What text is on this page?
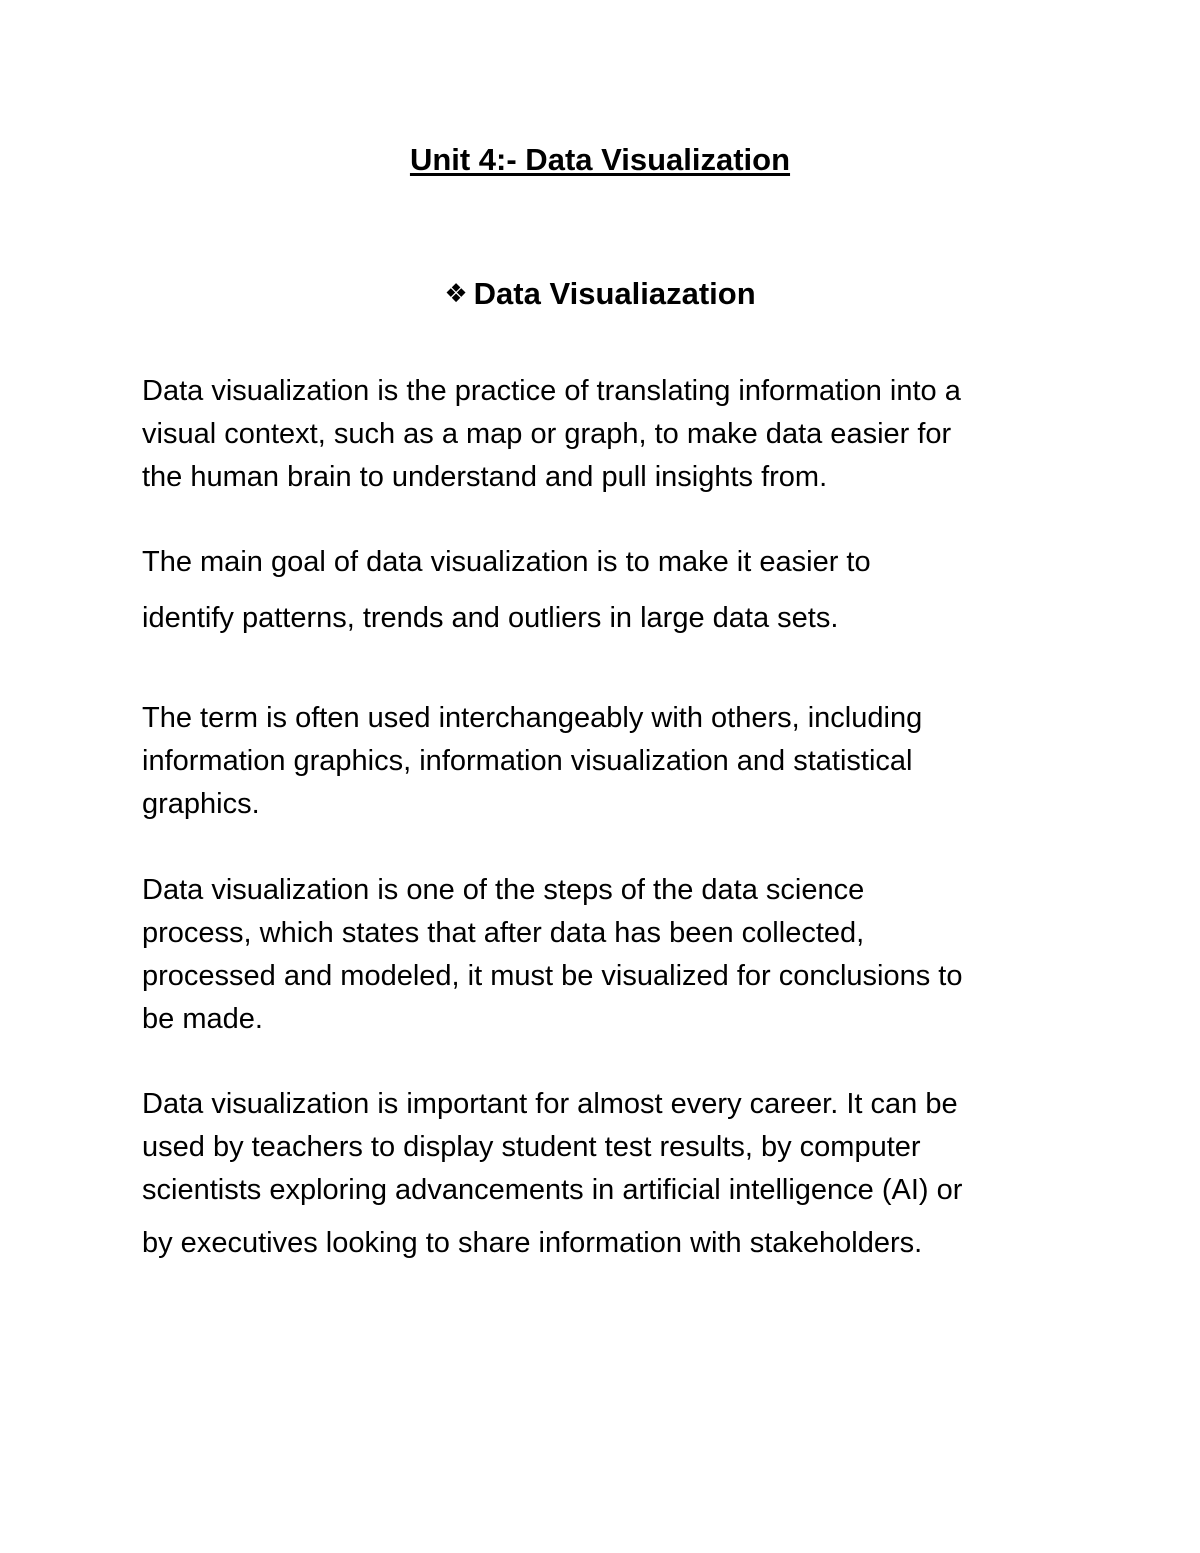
Unit 4:- Data Visualization
❖ Data Visualiazation
Data visualization is the practice of translating information into a
visual context, such as a map or graph, to make data easier for
the human brain to understand and pull insights from.
The main goal of data visualization is to make it easier to
identify patterns, trends and outliers in large data sets.
The term is often used interchangeably with others, including
information graphics, information visualization and statistical
graphics.
Data visualization is one of the steps of the data science
process, which states that after data has been collected,
processed and modeled, it must be visualized for conclusions to
be made.
Data visualization is important for almost every career. It can be
used by teachers to display student test results, by computer
scientists exploring advancements in artificial intelligence (AI) or
by executives looking to share information with stakeholders.
